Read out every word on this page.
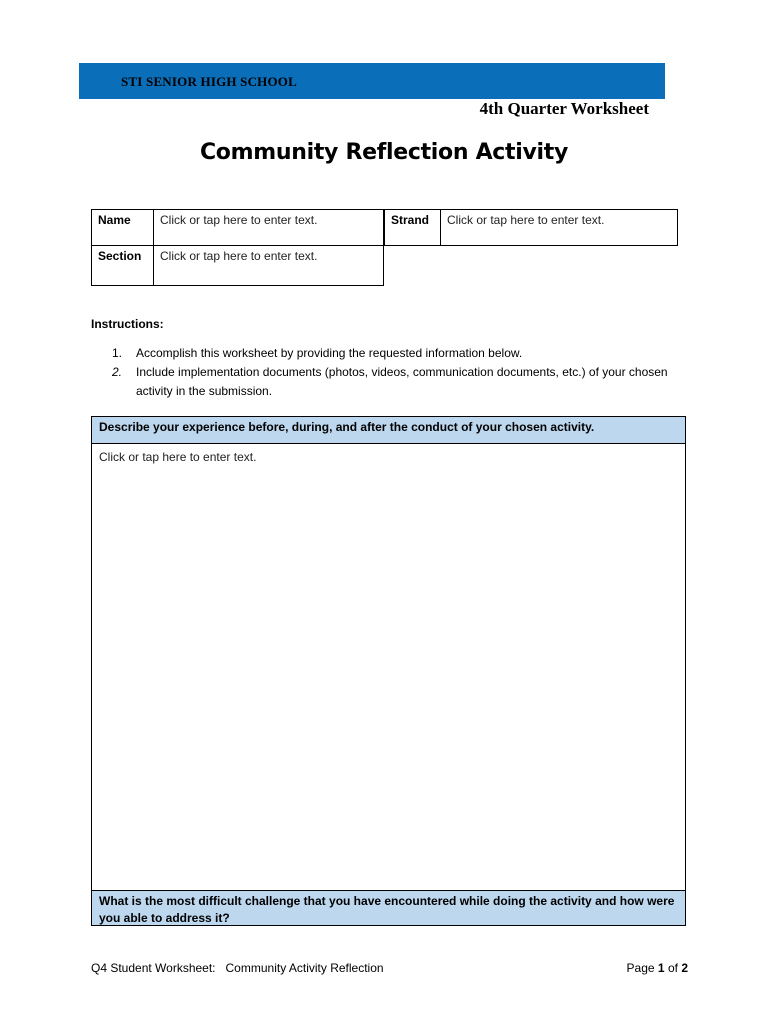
STI SENIOR HIGH SCHOOL
4th Quarter Worksheet
Community Reflection Activity
Name	Click or tap here to enter text.	Strand	Click or tap here to enter text.
Section	Click or tap here to enter text.
Instructions:
1.	Accomplish this worksheet by providing the requested information below.
2.	Include implementation documents (photos, videos, communication documents, etc.) of your chosen activity in the submission.
Describe your experience before, during, and after the conduct of your chosen activity.
Click or tap here to enter text.
What is the most difficult challenge that you have encountered while doing the activity and how were you able to address it?
Q4 Student Worksheet:   Community Activity Reflection	Page 1 of 2
